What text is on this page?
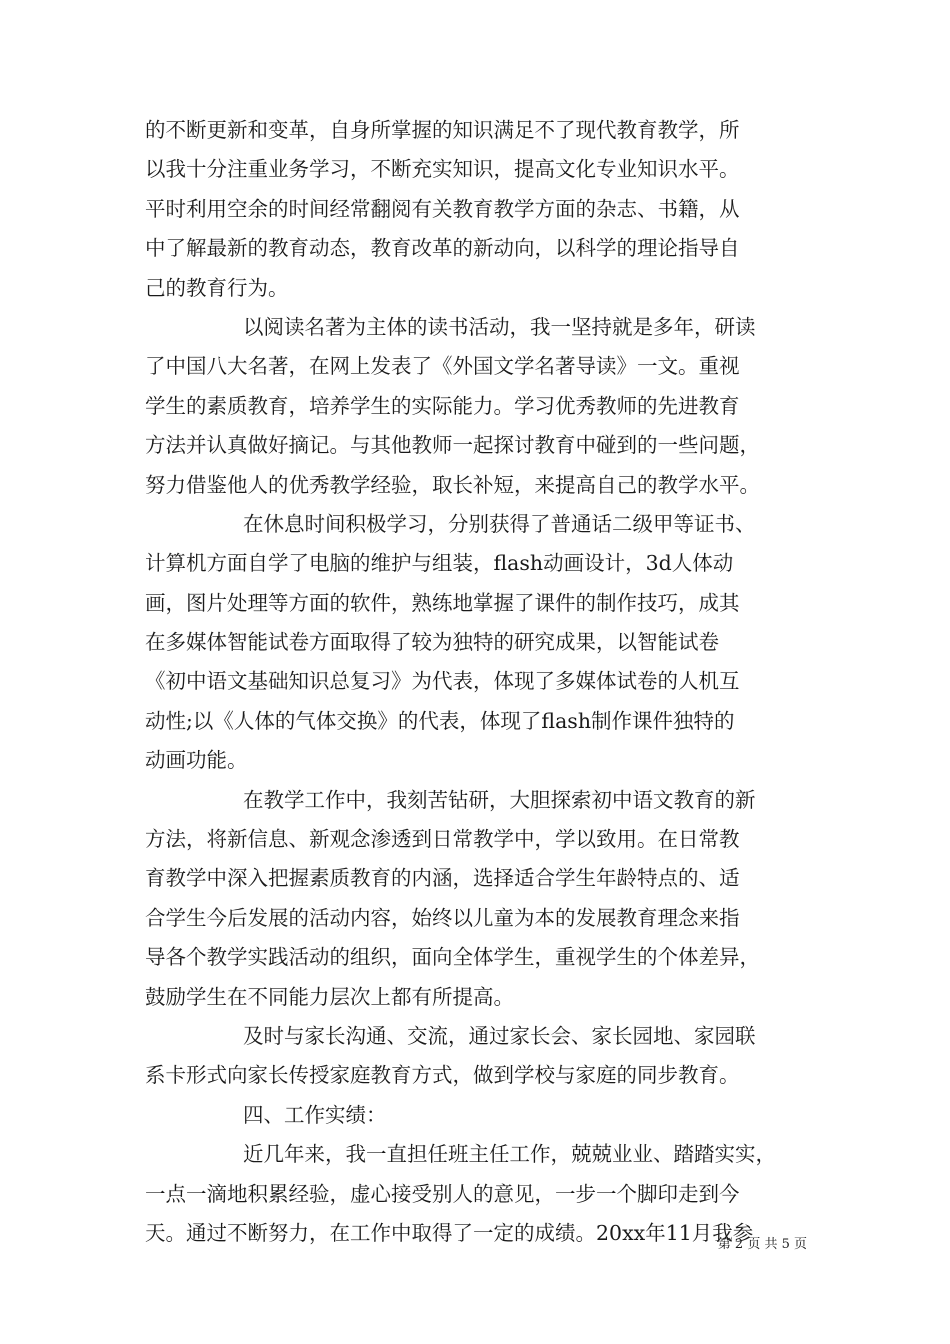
的不断更新和变革，自身所掌握的知识满足不了现代教育教学，所
以我十分注重业务学习，不断充实知识，提高文化专业知识水平。
平时利用空余的时间经常翻阅有关教育教学方面的杂志、书籍，从
中了解最新的教育动态，教育改革的新动向，以科学的理论指导自
己的教育行为。

以阅读名著为主体的读书活动，我一坚持就是多年，研读
了中国八大名著，在网上发表了《外国文学名著导读》一文。重视
学生的素质教育，培养学生的实际能力。学习优秀教师的先进教育
方法并认真做好摘记。与其他教师一起探讨教育中碰到的一些问题，
努力借鉴他人的优秀教学经验，取长补短，来提高自己的教学水平。

在休息时间积极学习，分别获得了普通话二级甲等证书、
计算机方面自学了电脑的维护与组装，flash动画设计，3d人体动
画，图片处理等方面的软件，熟练地掌握了课件的制作技巧，成其
在多媒体智能试卷方面取得了较为独特的研究成果，以智能试卷
《初中语文基础知识总复习》为代表，体现了多媒体试卷的人机互
动性;以《人体的气体交换》的代表，体现了flash制作课件独特的
动画功能。

在教学工作中，我刻苦钻研，大胆探索初中语文教育的新
方法，将新信息、新观念渗透到日常教学中，学以致用。在日常教
育教学中深入把握素质教育的内涵，选择适合学生年龄特点的、适
合学生今后发展的活动内容，始终以儿童为本的发展教育理念来指
导各个教学实践活动的组织，面向全体学生，重视学生的个体差异，
鼓励学生在不同能力层次上都有所提高。

及时与家长沟通、交流，通过家长会、家长园地、家园联
系卡形式向家长传授家庭教育方式，做到学校与家庭的同步教育。

四、工作实绩：

近几年来，我一直担任班主任工作，兢兢业业、踏踏实实，
一点一滴地积累经验，虚心接受别人的意见，一步一个脚印走到今
天。通过不断努力，在工作中取得了一定的成绩。20xx年11月我参

第 2 页 共 5 页
